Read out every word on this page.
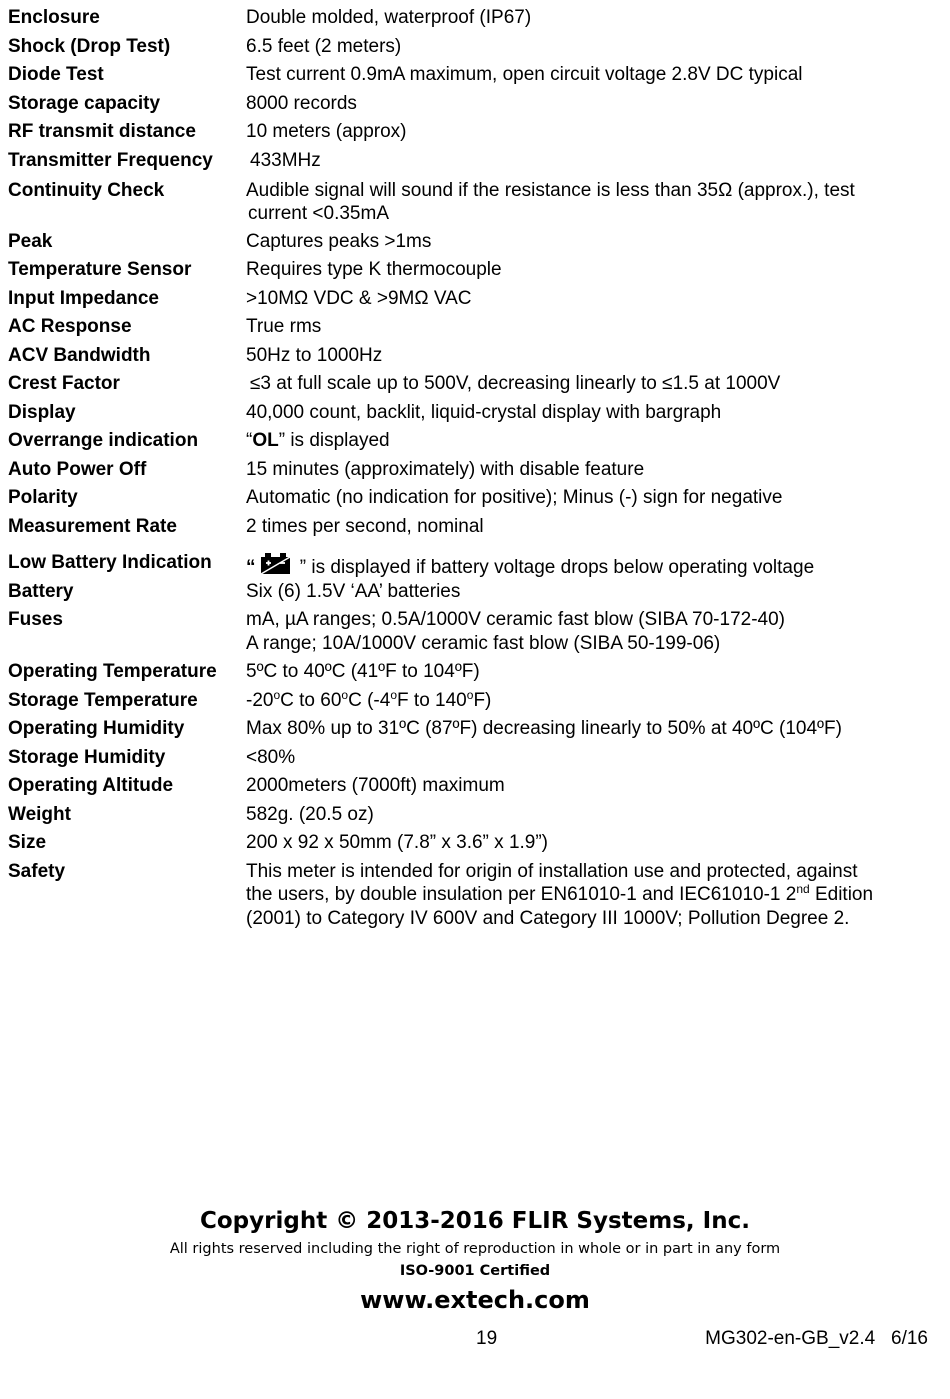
Enclosure	Double molded, waterproof (IP67)
Shock (Drop Test)	6.5 feet (2 meters)
Diode Test	Test current 0.9mA maximum, open circuit voltage 2.8V DC typical
Storage capacity	8000 records
RF transmit distance	10 meters (approx)
Transmitter Frequency	433MHz
Continuity Check	Audible signal will sound if the resistance is less than 35Ω (approx.), test
current <0.35mA
Peak	Captures peaks >1ms
Temperature Sensor	Requires type K thermocouple
Input Impedance	>10MΩ VDC & >9MΩ VAC
AC Response	True rms
ACV Bandwidth	50Hz to 1000Hz
Crest Factor	≤3 at full scale up to 500V, decreasing linearly to ≤1.5 at 1000V
Display	40,000 count, backlit, liquid-crystal display with bargraph
Overrange indication	“OL” is displayed
Auto Power Off	15 minutes (approximately) with disable feature
Polarity	Automatic (no indication for positive); Minus (-) sign for negative
Measurement Rate	2 times per second, nominal
Low Battery Indication	“ ” is displayed if battery voltage drops below operating voltage
Battery	Six (6) 1.5V ‘AA’ batteries
Fuses	mA, µA ranges; 0.5A/1000V ceramic fast blow (SIBA 70-172-40)
A range; 10A/1000V ceramic fast blow (SIBA 50-199-06)
Operating Temperature	5ºC to 40ºC (41ºF to 104ºF)
Storage Temperature	-20$^o$C to 60$^o$C (-4$^o$F to 140$^o$F)
Operating Humidity	Max 80% up to 31ºC (87ºF) decreasing linearly to 50% at 40ºC (104ºF)
Storage Humidity	<80%
Operating Altitude	2000meters (7000ft) maximum
Weight	582g. (20.5 oz)
Size	200 x 92 x 50mm (7.8” x 3.6” x 1.9”)
Safety	This meter is intended for origin of installation use and protected, against
the users, by double insulation per EN61010-1 and IEC61010-1 2nd Edition
(2001) to Category IV 600V and Category III 1000V; Pollution Degree 2.
Copyright © 2013-2016 FLIR Systems, Inc.
All rights reserved including the right of reproduction in whole or in part in any form
ISO-9001 Certified
www.extech.com
19	MG302-en-GB_v2.4   6/16
